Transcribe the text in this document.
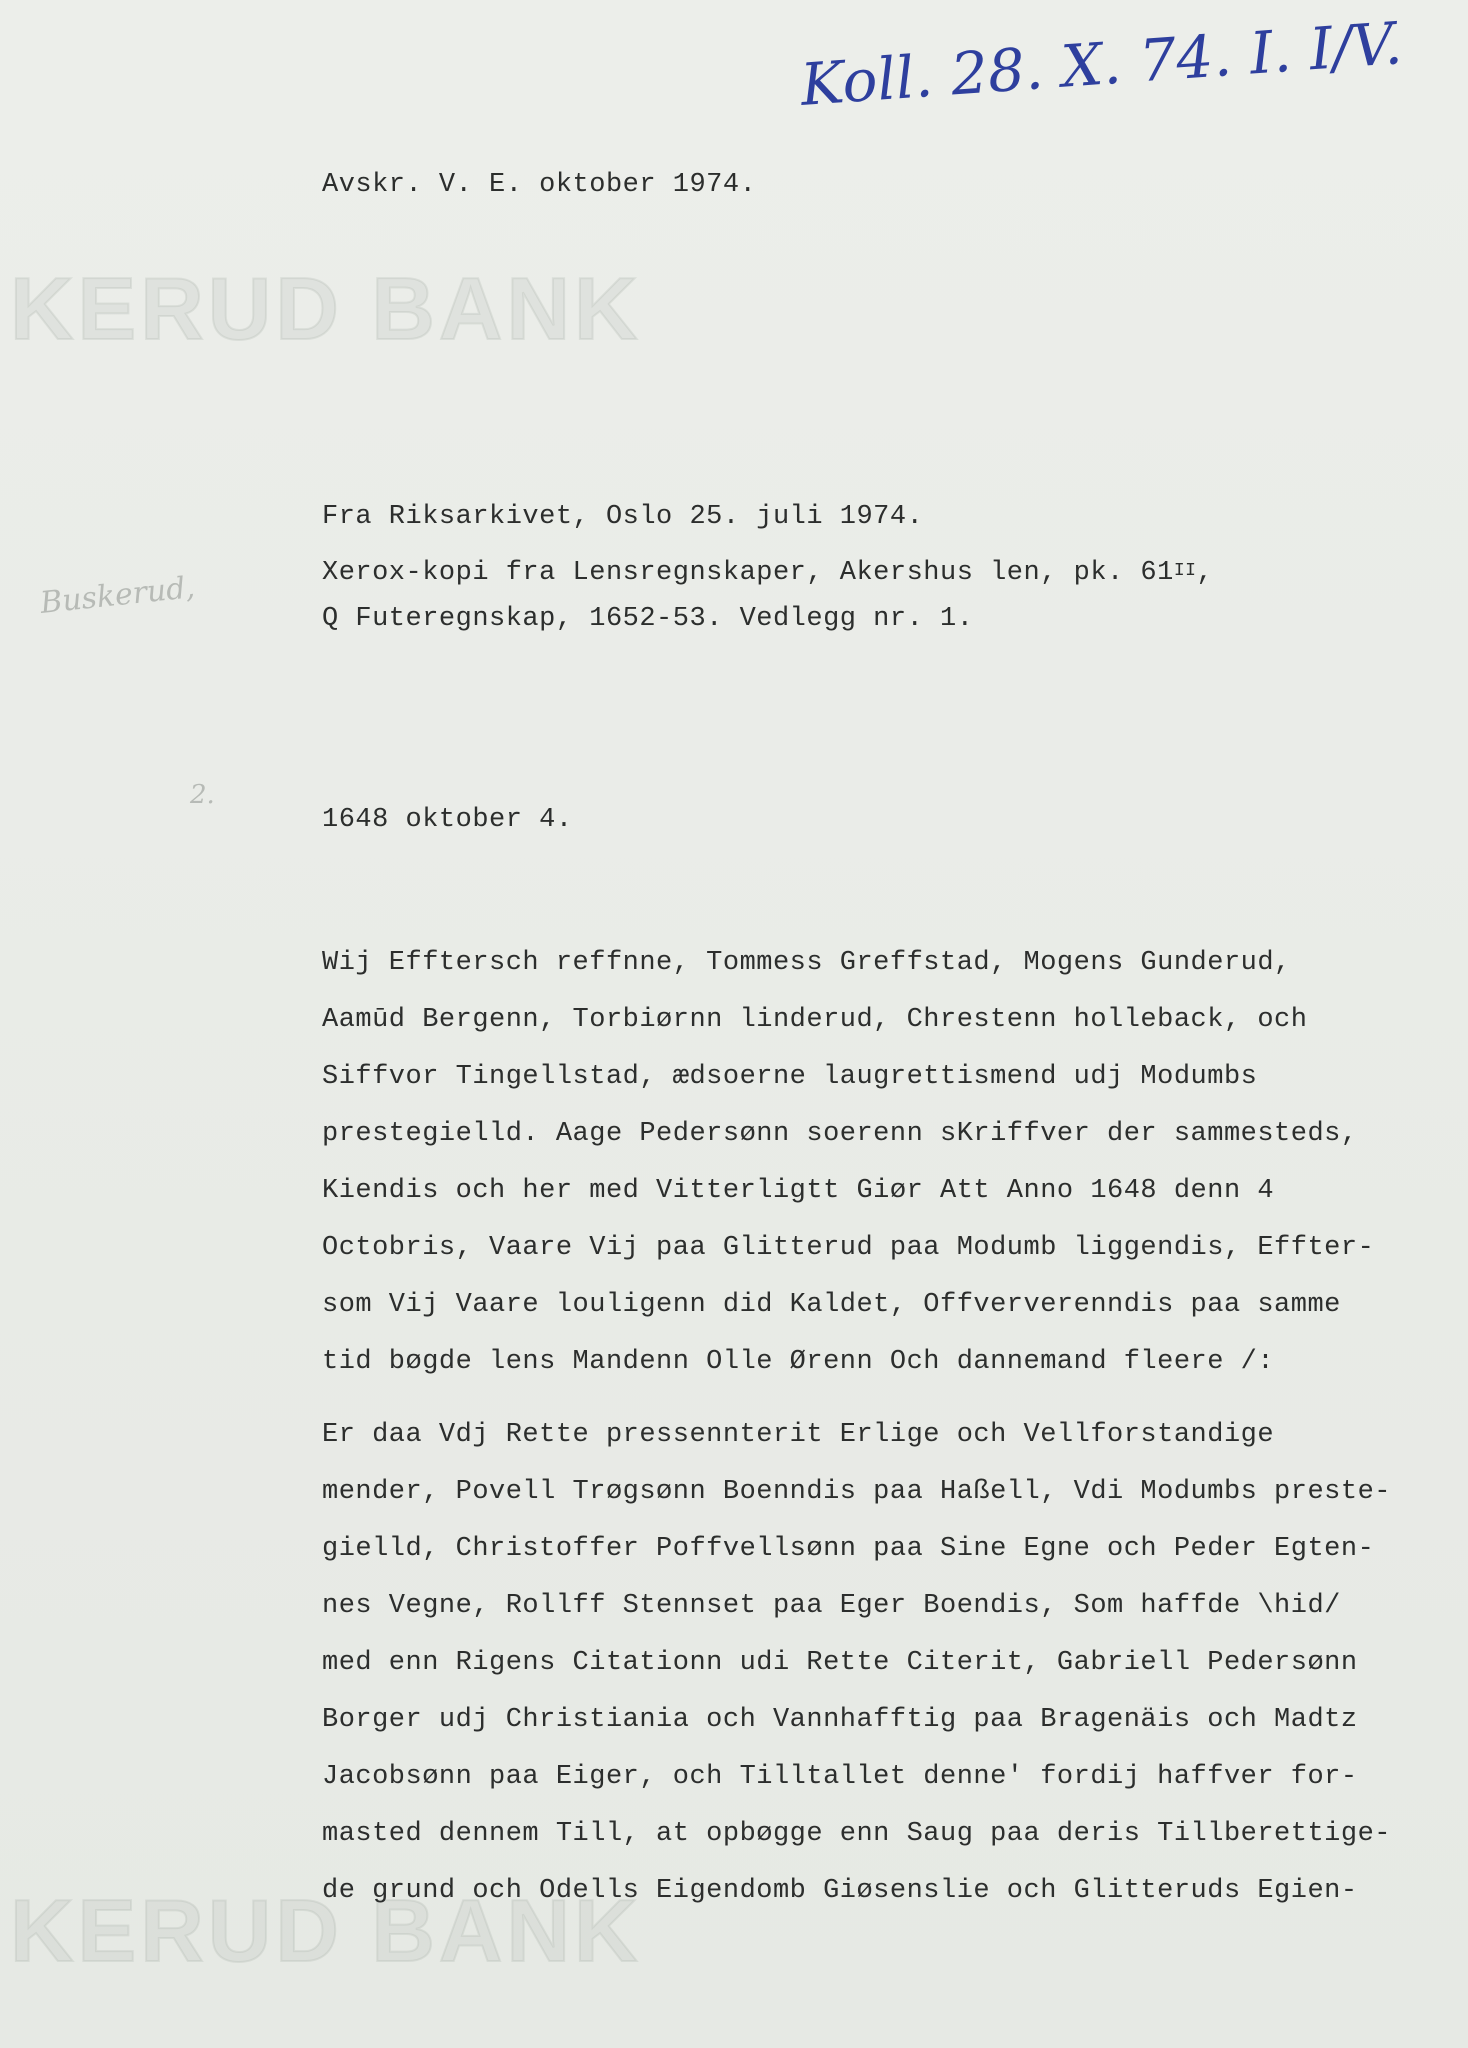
KERUD BANK
KERUD BANK
Koll. 28. X. 74. I. I/V.
Buskerud,
2.
Avskr. V. E. oktober 1974.
Fra Riksarkivet, Oslo 25. juli 1974.
Xerox-kopi fra Lensregnskaper, Akershus len, pk. $61^{II}$,
Q Futeregnskap, 1652-53. Vedlegg nr. 1.
1648 oktober 4.
Wij Efftersch reffnne, Tommess Greffstad, Mogens Gunderud,
Aamūd Bergenn, Torbiørnn linderud, Chrestenn holleback, och
Siffvor Tingellstad, ædsoerne laugrettismend udj Modumbs
prestegielld. Aage Pedersønn soerenn sKriffver der sammesteds,
Kiendis och her med Vitterligtt Giør Att Anno 1648 denn 4
Octobris, Vaare Vij paa Glitterud paa Modumb liggendis, Effter-
som Vij Vaare louligenn did Kaldet, Offververenndis paa samme
tid bøgde lens Mandenn Olle Ørenn Och dannemand fleere /:
Er daa Vdj Rette pressennterit Erlige och Vellforstandige
mender, Povell Trøgsønn Boenndis paa Haßell, Vdi Modumbs preste-
gielld, Christoffer Poffvellsønn paa Sine Egne och Peder Egten-
nes Vegne, Rollff Stennset paa Eger Boendis, Som haffde \hid/
med enn Rigens Citationn udi Rette Citerit, Gabriell Pedersønn
Borger udj Christiania och Vannhafftig paa Bragenäis och Madtz
Jacobsønn paa Eiger, och Tilltallet denne' fordij haffver for-
masted dennem Till, at opbøgge enn Saug paa deris Tillberettige-
de grund och Odells Eigendomb Giøsenslie och Glitteruds Egien-
